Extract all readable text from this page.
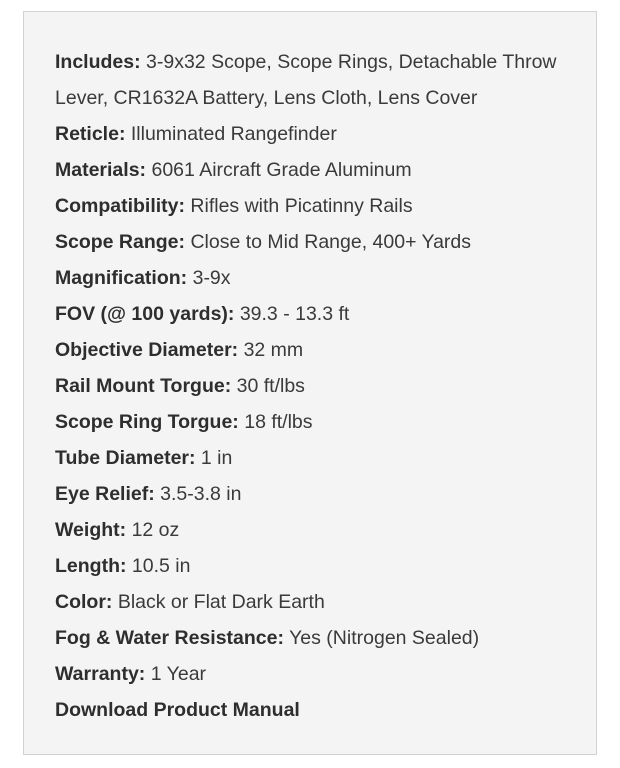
Includes: 3-9x32 Scope, Scope Rings, Detachable Throw Lever, CR1632A Battery, Lens Cloth, Lens Cover
Reticle: Illuminated Rangefinder
Materials: 6061 Aircraft Grade Aluminum
Compatibility: Rifles with Picatinny Rails
Scope Range: Close to Mid Range, 400+ Yards
Magnification: 3-9x
FOV (@ 100 yards): 39.3 - 13.3 ft
Objective Diameter: 32 mm
Rail Mount Torgue: 30 ft/lbs
Scope Ring Torgue: 18 ft/lbs
Tube Diameter: 1 in
Eye Relief: 3.5-3.8 in
Weight: 12 oz
Length: 10.5 in
Color: Black or Flat Dark Earth
Fog & Water Resistance: Yes (Nitrogen Sealed)
Warranty: 1 Year
Download Product Manual
